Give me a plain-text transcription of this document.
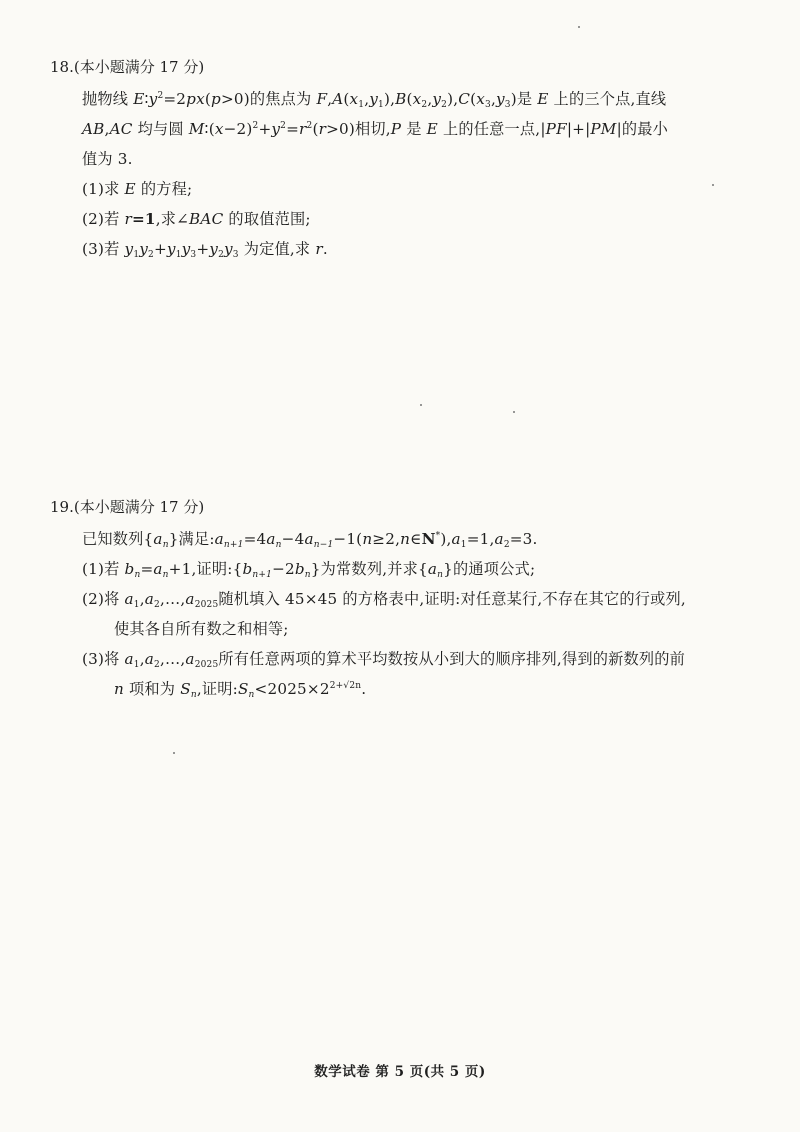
18.(本小题满分 17 分)

抛物线 $E∶y^2=2px(p>0)$的焦点为 $F,A(x_1,y_1),B(x_2,y_2),C(x_3,y_3)$是 E 上的三个点,直线

AB,AC 均与圆 $M∶(x-2)^2+y^2=r^2(r>0)$相切,P 是 E 上的任意一点,|PF|+|PM|的最小

值为 3.

(1)求 E 的方程;

(2)若 r=1,求∠BAC 的取值范围;

(3)若 $y_1y_2+y_1y_3+y_2y_3$ 为定值,求 r.

19.(本小题满分 17 分)

已知数列$\{a_n\}$满足$:a_{n+1}=4a_n-4a_{n-1}-1(n\ge 2,n\in N^*),a_1=1,a_2=3$.

(1)若 $b_n=a_n+1$,证明$:\{b_{n+1}-2b_n\}$为常数列,并求$\{a_n\}$的通项公式;

(2)将 $a_1,a_2,\dots,a_{2025}$随机填入 45×45 的方格表中,证明:对任意某行,不存在其它的行或列,

使其各自所有数之和相等;

(3)将 $a_1,a_2,\dots,a_{2025}$所有任意两项的算术平均数按从小到大的顺序排列,得到的新数列的前

n 项和为 $S_n$,证明$:S_n<2025\times 2^{2+√2n}$.

数学试卷 第 5 页(共 5 页)
